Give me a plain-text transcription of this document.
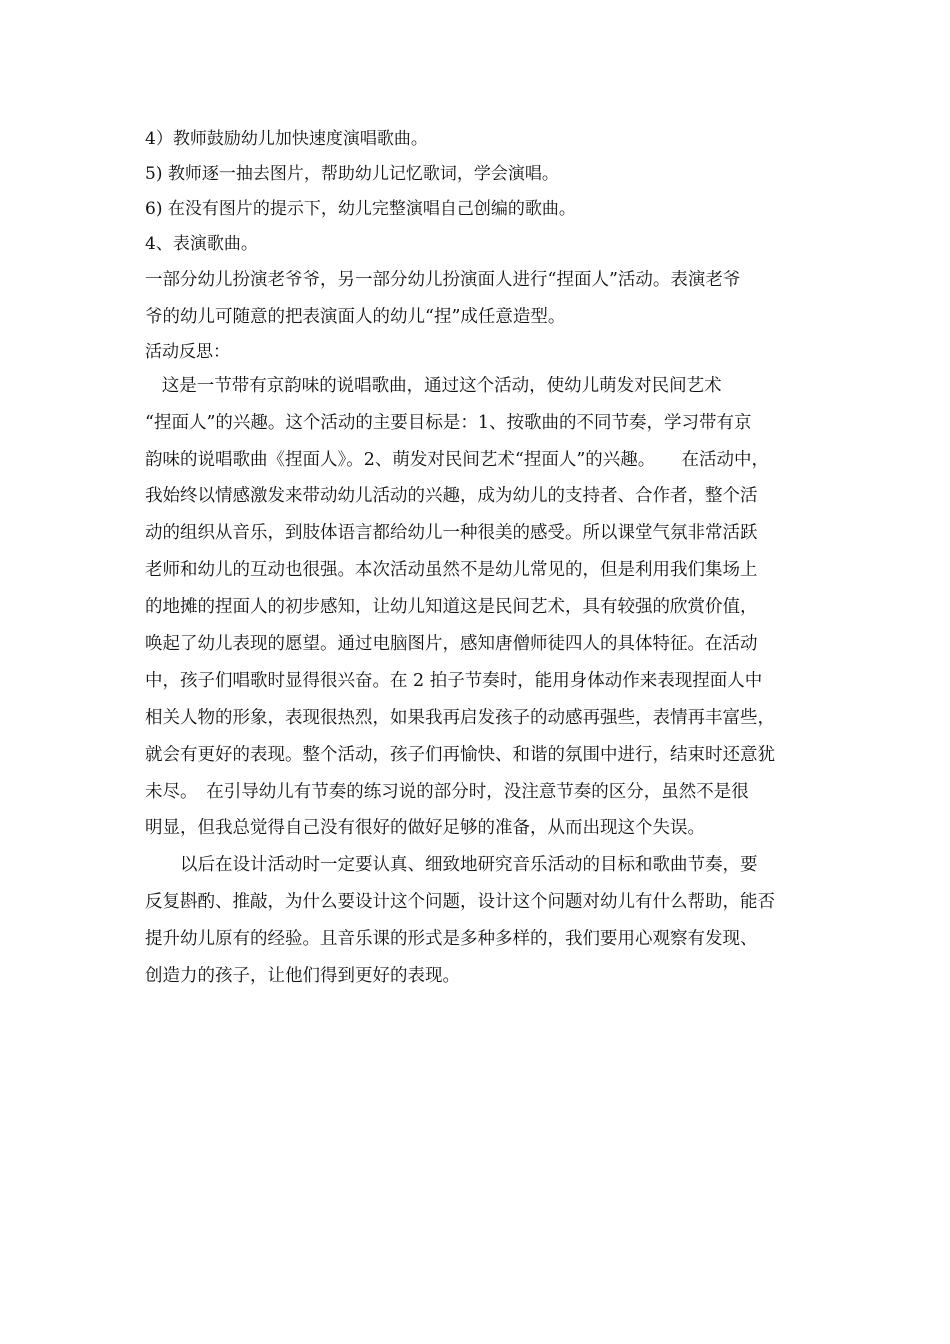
4）教师鼓励幼儿加快速度演唱歌曲。
5) 教师逐一抽去图片，帮助幼儿记忆歌词，学会演唱。
6) 在没有图片的提示下，幼儿完整演唱自己创编的歌曲。
4、表演歌曲。
一部分幼儿扮演老爷爷，另一部分幼儿扮演面人进行“捏面人”活动。表演老爷
爷的幼儿可随意的把表演面人的幼儿“捏”成任意造型。
活动反思：
这是一节带有京韵味的说唱歌曲，通过这个活动，使幼儿萌发对民间艺术
“捏面人”的兴趣。这个活动的主要目标是：1、按歌曲的不同节奏，学习带有京
韵味的说唱歌曲《捏面人》。2、萌发对民间艺术“捏面人”的兴趣。　　在活动中，
我始终以情感激发来带动幼儿活动的兴趣，成为幼儿的支持者、合作者，整个活
动的组织从音乐，到肢体语言都给幼儿一种很美的感受。所以课堂气氛非常活跃
老师和幼儿的互动也很强。本次活动虽然不是幼儿常见的，但是利用我们集场上
的地摊的捏面人的初步感知，让幼儿知道这是民间艺术，具有较强的欣赏价值，
唤起了幼儿表现的愿望。通过电脑图片，感知唐僧师徒四人的具体特征。在活动
中，孩子们唱歌时显得很兴奋。在 2 拍子节奏时，能用身体动作来表现捏面人中
相关人物的形象，表现很热烈，如果我再启发孩子的动感再强些，表情再丰富些，
就会有更好的表现。整个活动，孩子们再愉快、和谐的氛围中进行，结束时还意犹
未尽。　在引导幼儿有节奏的练习说的部分时，没注意节奏的区分，虽然不是很
明显，但我总觉得自己没有很好的做好足够的准备，从而出现这个失误。
　　以后在设计活动时一定要认真、细致地研究音乐活动的目标和歌曲节奏，要
反复斟酌、推敲，为什么要设计这个问题，设计这个问题对幼儿有什么帮助，能否
提升幼儿原有的经验。且音乐课的形式是多种多样的，我们要用心观察有发现、
创造力的孩子，让他们得到更好的表现。
